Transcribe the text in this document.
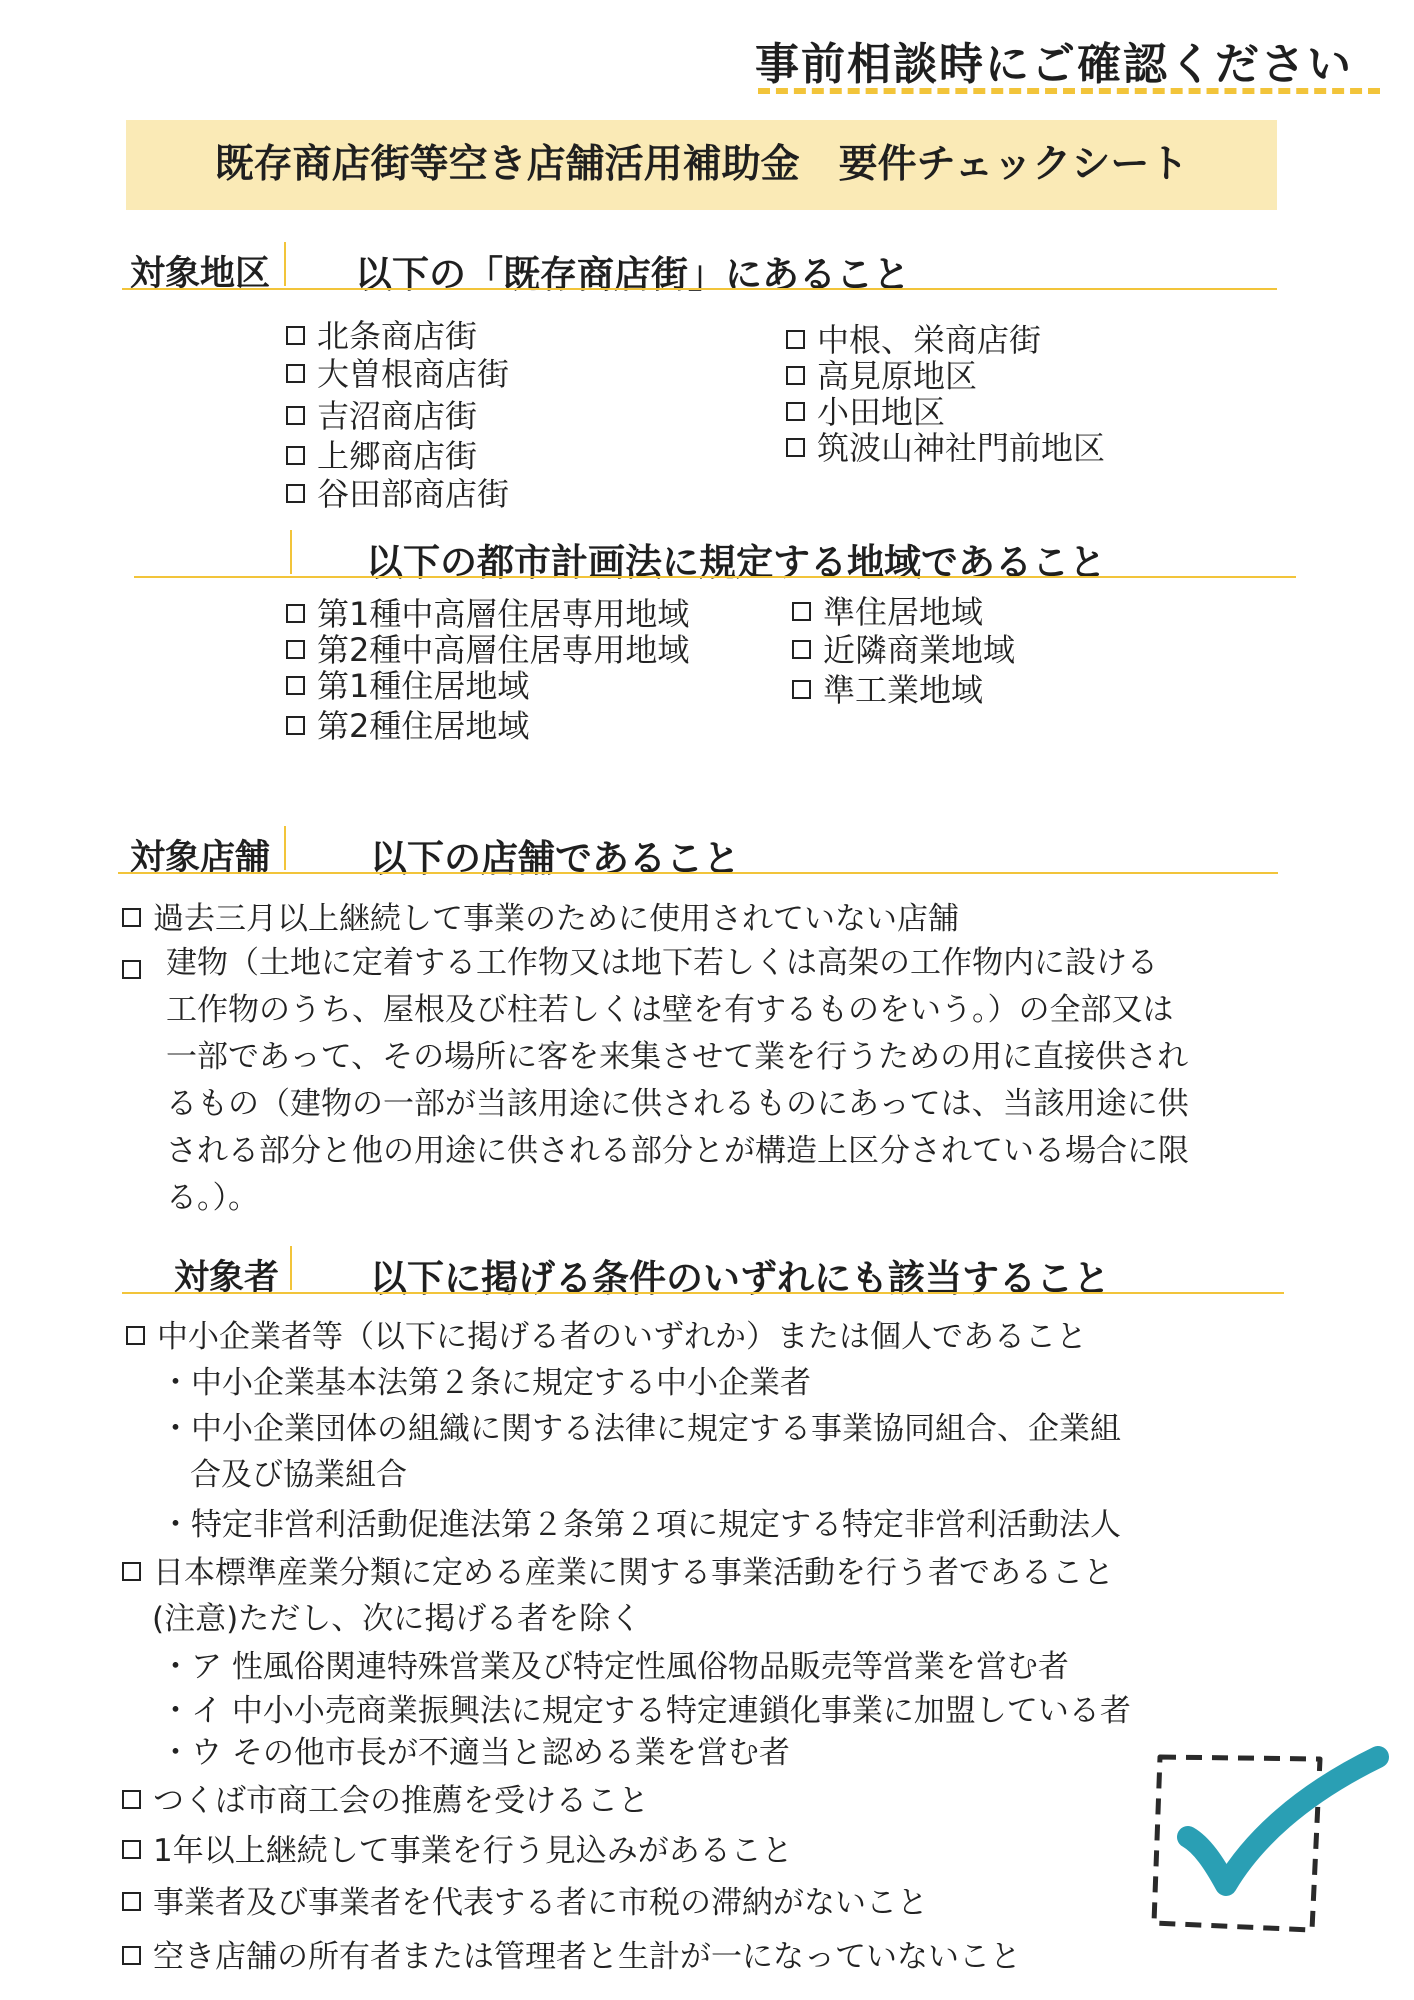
事前相談時にご確認ください
既存商店街等空き店舗活用補助金　要件チェックシート
対象地区 以下の「既存商店街」にあること
北条商店街
大曽根商店街
吉沼商店街
上郷商店街
谷田部商店街
中根、栄商店街
高見原地区
小田地区
筑波山神社門前地区
以下の都市計画法に規定する地域であること
第1種中高層住居専用地域
第2種中高層住居専用地域
第1種住居地域
第2種住居地域
準住居地域
近隣商業地域
準工業地域
対象店舗	以下の店舗であること
過去三月以上継続して事業のために使用されていない店舗
建物（土地に定着する工作物又は地下若しくは高架の工作物内に設ける
工作物のうち、屋根及び柱若しくは壁を有するものをいう。）の全部又は
一部であって、その場所に客を来集させて業を行うための用に直接供され
るもの（建物の一部が当該用途に供されるものにあっては、当該用途に供
される部分と他の用途に供される部分とが構造上区分されている場合に限
る。）。
対象者 以下に掲げる条件のいずれにも該当すること
中小企業者等（以下に掲げる者のいずれか）または個人であること
・中小企業基本法第２条に規定する中小企業者
・中小企業団体の組織に関する法律に規定する事業協同組合、企業組
合及び協業組合
・特定非営利活動促進法第２条第２項に規定する特定非営利活動法人
日本標準産業分類に定める産業に関する事業活動を行う者であること
(注意)ただし、次に掲げる者を除く
・ア 性風俗関連特殊営業及び特定性風俗物品販売等営業を営む者
・イ 中小小売商業振興法に規定する特定連鎖化事業に加盟している者
・ウ その他市長が不適当と認める業を営む者
つくば市商工会の推薦を受けること
1年以上継続して事業を行う見込みがあること
事業者及び事業者を代表する者に市税の滞納がないこと
空き店舗の所有者または管理者と生計が一になっていないこと
